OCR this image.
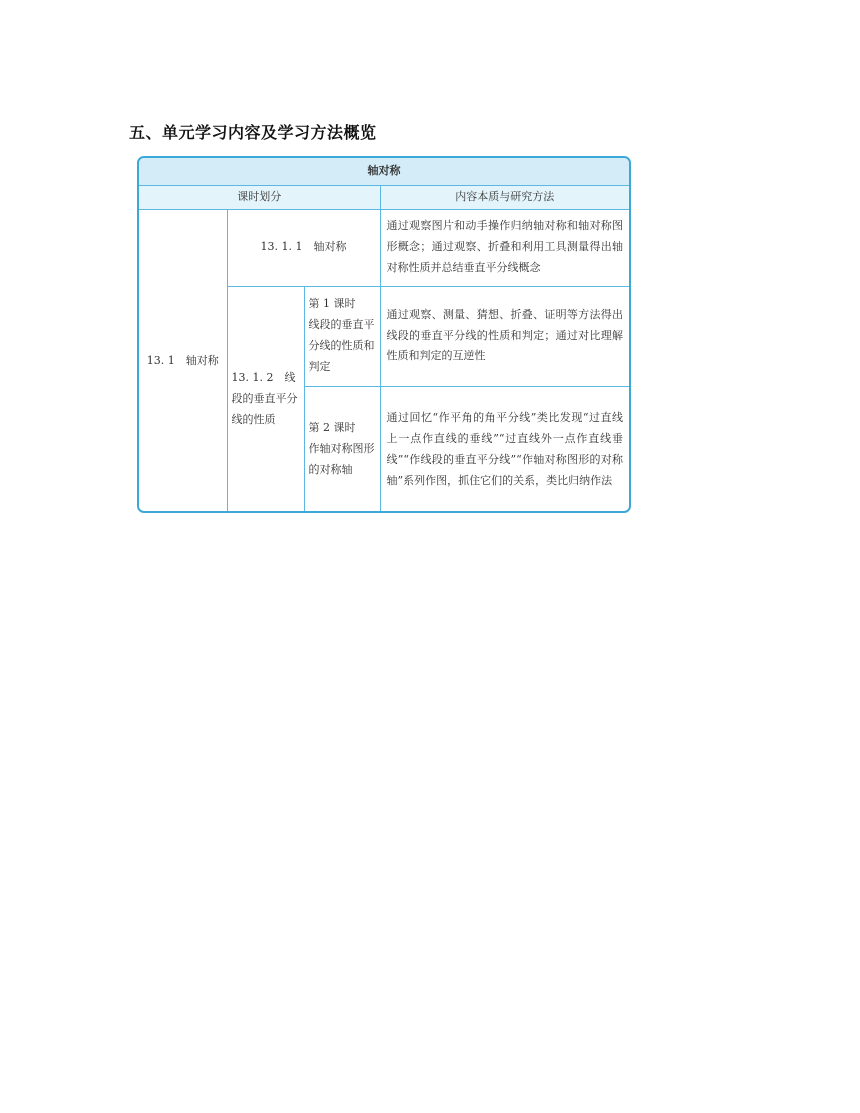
五、单元学习内容及学习方法概览
轴对称			
课时划分			内容本质与研究方法
13. 1　轴对称	13. 1. 1　轴对称		通过观察图片和动手操作归纳轴对称和轴对称图形概念；通过观察、折叠和利用工具测量得出轴对称性质并总结垂直平分线概念
	13. 1. 2　线段的垂直平分线的性质	第 1 课时　线段的垂直平分线的性质和判定	通过观察、测量、猜想、折叠、证明等方法得出线段的垂直平分线的性质和判定；通过对比理解性质和判定的互逆性
		第 2 课时　作轴对称图形的对称轴	通过回忆“作平角的角平分线”类比发现“过直线上一点作直线的垂线”“过直线外一点作直线垂线”“作线段的垂直平分线”“作轴对称图形的对称轴”系列作图，抓住它们的关系，类比归纳作法
